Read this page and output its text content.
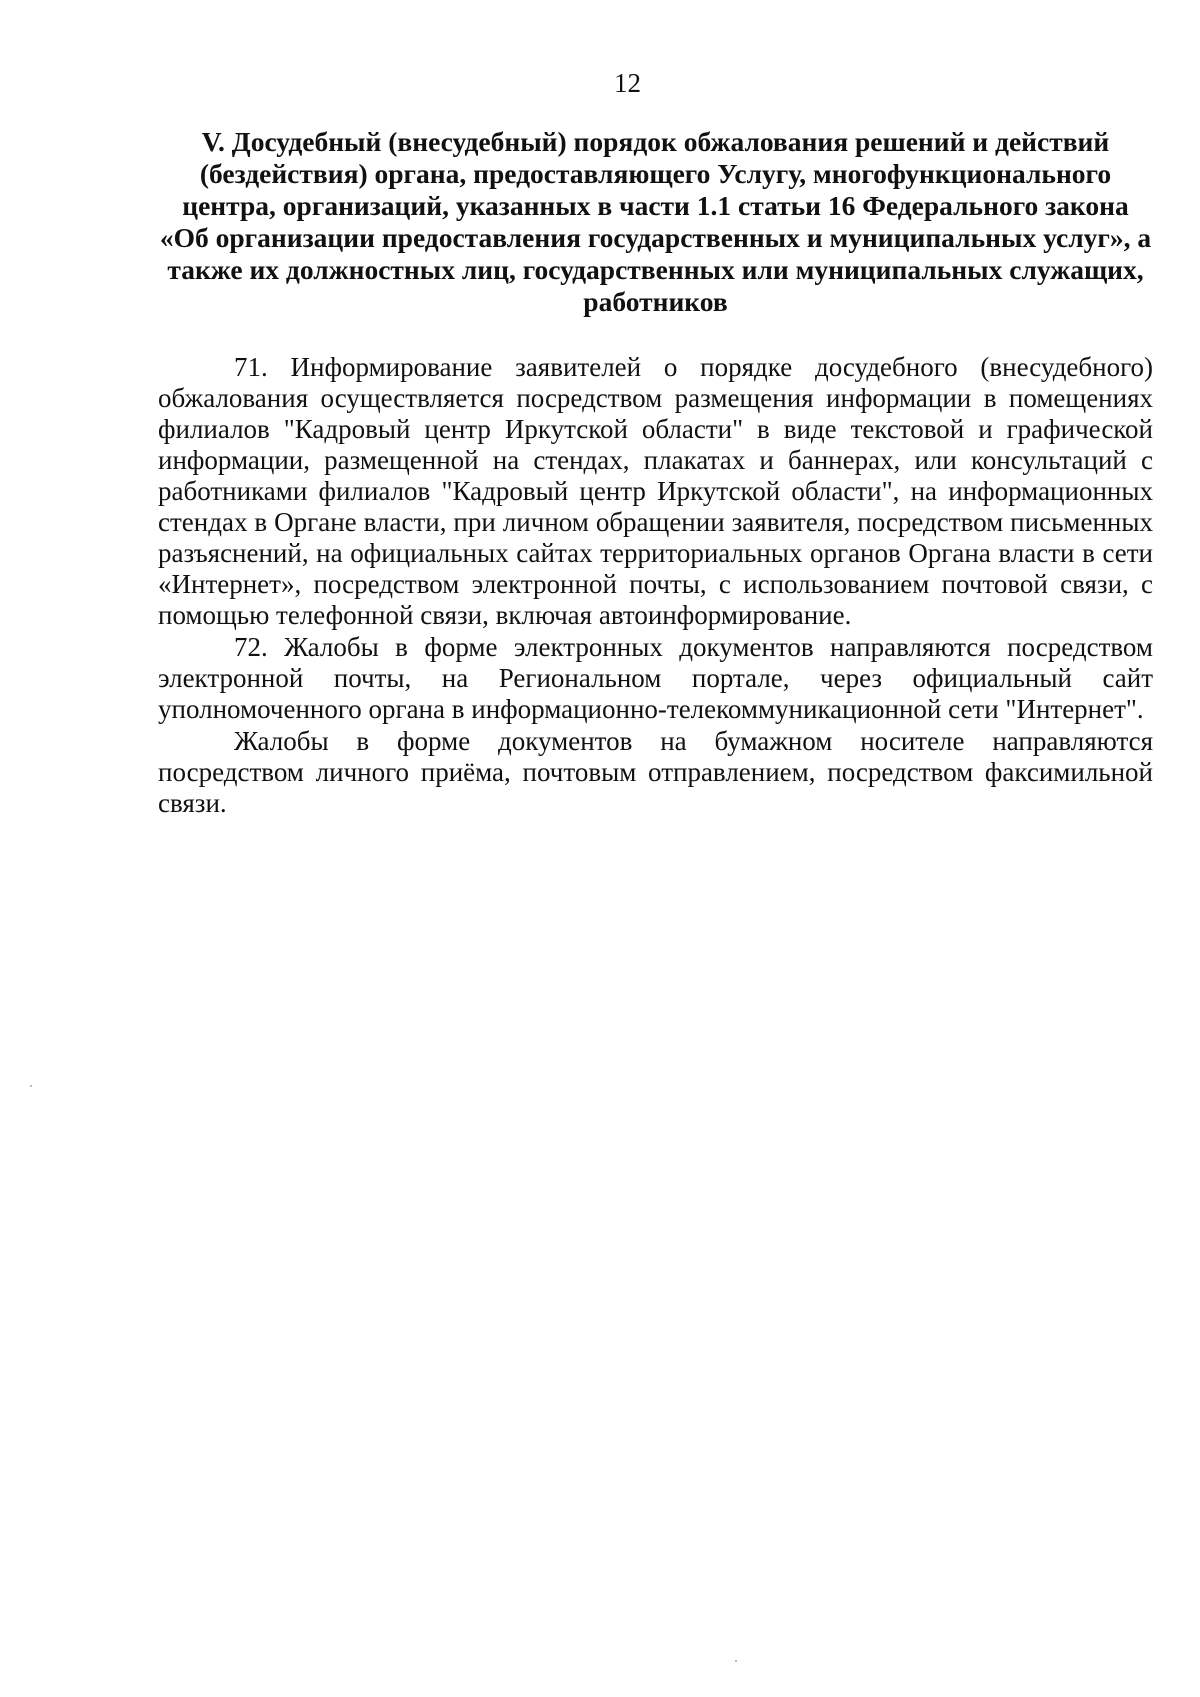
12
V. Досудебный (внесудебный) порядок обжалования решений и действий (бездействия) органа, предоставляющего Услугу, многофункционального центра, организаций, указанных в части 1.1 статьи 16 Федерального закона «Об организации предоставления государственных и муниципальных услуг», а также их должностных лиц, государственных или муниципальных служащих, работников

71. Информирование заявителей о порядке досудебного (внесудебного) обжалования осуществляется посредством размещения информации в помещениях филиалов "Кадровый центр Иркутской области" в виде текстовой и графической информации, размещенной на стендах, плакатах и баннерах, или консультаций с работниками филиалов "Кадровый центр Иркутской области", на информационных стендах в Органе власти, при личном обращении заявителя, посредством письменных разъяснений, на официальных сайтах территориальных органов Органа власти в сети «Интернет», посредством электронной почты, с использованием почтовой связи, с помощью телефонной связи, включая автоинформирование.

72. Жалобы в форме электронных документов направляются посредством электронной почты, на Региональном портале, через официальный сайт уполномоченного органа в информационно-телекоммуникационной сети "Интернет".

Жалобы в форме документов на бумажном носителе направляются посредством личного приёма, почтовым отправлением, посредством факсимильной связи.
